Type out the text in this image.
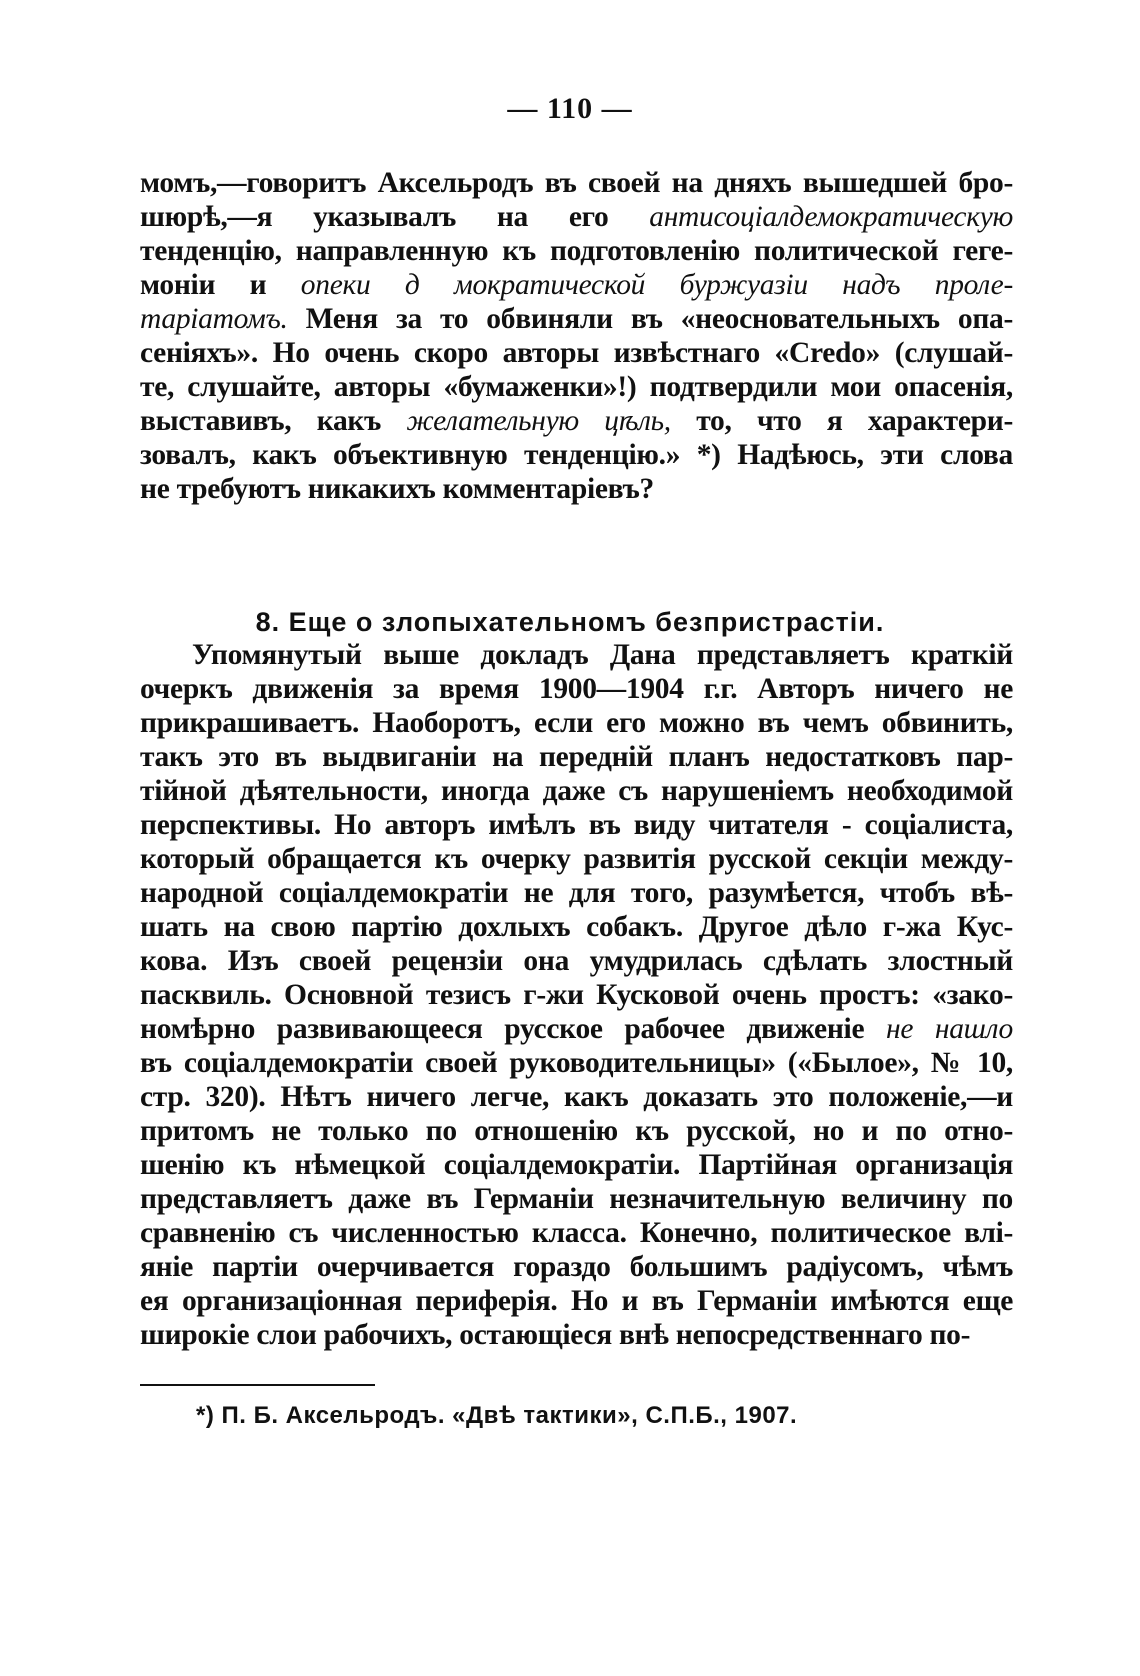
— 110 —
момъ,—говоритъ Аксельродъ въ своей на дняхъ вышедшей бро-
шюрѣ,—я указывалъ на его антисоціалдемократическую
тенденцію, направленную къ подготовленію политической геге-
моніи и опеки д мократической буржуазіи надъ проле-
таріатомъ. Меня за то обвиняли въ «неосновательныхъ опа-
сеніяхъ». Но очень скоро авторы извѣстнаго «Credo» (слушай-
те, слушайте, авторы «бумаженки»!) подтвердили мои опасенія,
выставивъ, какъ желательную цѣль, то, что я характери-
зовалъ, какъ объективную тенденцію.» *) Надѣюсь, эти слова
не требуютъ никакихъ комментаріевъ?
8. Еще о злопыхательномъ безпристрастіи.
Упомянутый выше докладъ Дана представляетъ краткій
очеркъ движенія за время 1900—1904 г.г. Авторъ ничего не
прикрашиваетъ. Наоборотъ, если его можно въ чемъ обвинить,
такъ это въ выдвиганіи на передній планъ недостатковъ пар-
тійной дѣятельности, иногда даже съ нарушеніемъ необходимой
перспективы. Но авторъ имѣлъ въ виду читателя - соціалиста,
который обращается къ очерку развитія русской секціи между-
народной соціалдемократіи не для того, разумѣется, чтобъ вѣ-
шать на свою партію дохлыхъ собакъ. Другое дѣло г-жа Кус-
кова. Изъ своей рецензіи она умудрилась сдѣлать злостный
пасквиль. Основной тезисъ г-жи Кусковой очень простъ: «зако-
номѣрно развивающееся русское рабочее движеніе не нашло
въ соціалдемократіи своей руководительницы» («Былое», № 10,
стр. 320). Нѣтъ ничего легче, какъ доказать это положеніе,—и
притомъ не только по отношенію къ русской, но и по отно-
шенію къ нѣмецкой соціалдемократіи. Партійная организація
представляетъ даже въ Германіи незначительную величину по
сравненію съ численностью класса. Конечно, политическое влі-
яніе партіи очерчивается гораздо большимъ радіусомъ, чѣмъ
ея организаціонная периферія. Но и въ Германіи имѣются еще
широкіе слои рабочихъ, остающіеся внѣ непосредственнаго по-
*) П. Б. Аксельродъ. «Двѣ тактики», С.П.Б., 1907.
